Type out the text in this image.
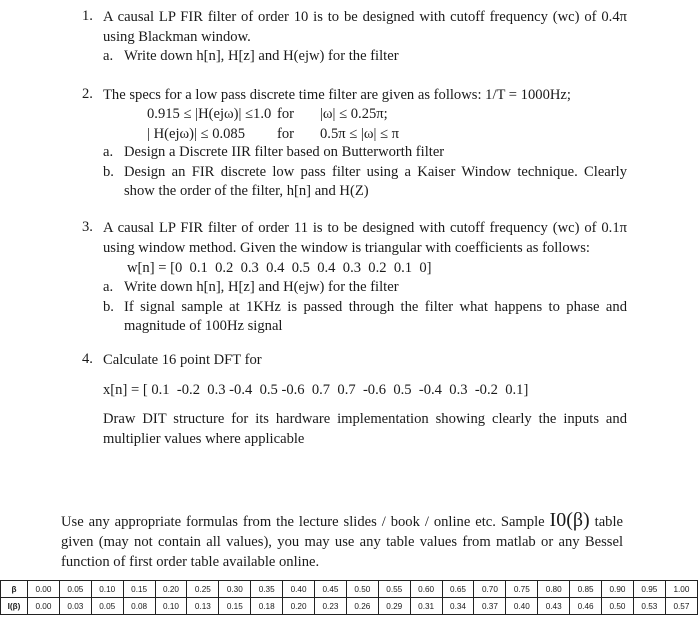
1. A causal LP FIR filter of order 10 is to be designed with cutoff frequency (wc) of 0.4π using Blackman window.
a. Write down h[n], H[z] and H(ejw) for the filter
2. The specs for a low pass discrete time filter are given as follows: 1/T = 1000Hz;
0.915 ≤ |H(ejω)| ≤1.0 for |ω| ≤ 0.25π;
| H(ejω)| ≤ 0.085 for 0.5π ≤ |ω| ≤ π
a. Design a Discrete IIR filter based on Butterworth filter
b. Design an FIR discrete low pass filter using a Kaiser Window technique. Clearly show the order of the filter, h[n] and H(Z)
3. A causal LP FIR filter of order 11 is to be designed with cutoff frequency (wc) of 0.1π using window method. Given the window is triangular with coefficients as follows:
w[n] = [0  0.1  0.2  0.3  0.4  0.5  0.4  0.3  0.2  0.1  0]
a. Write down h[n], H[z] and H(ejw) for the filter
b. If signal sample at 1KHz is passed through the filter what happens to phase and magnitude of 100Hz signal
4. Calculate 16 point DFT for
x[n] = [ 0.1  -0.2  0.3 -0.4  0.5 -0.6  0.7  0.7  -0.6  0.5  -0.4  0.3  -0.2  0.1]
Draw DIT structure for its hardware implementation showing clearly the inputs and multiplier values where applicable
Use any appropriate formulas from the lecture slides / book / online etc. Sample I0(β) table given (may not contain all values), you may use any table values from matlab or any Bessel function of first order table available online.
β	0.00	0.05	0.10	0.15	0.20	0.25	0.30	0.35	0.40	0.45	0.50	0.55	0.60	0.65	0.70	0.75	0.80	0.85	0.90	0.95	1.00
I(β)	0.00	0.03	0.05	0.08	0.10	0.13	0.15	0.18	0.20	0.23	0.26	0.29	0.31	0.34	0.37	0.40	0.43	0.46	0.50	0.53	0.57
